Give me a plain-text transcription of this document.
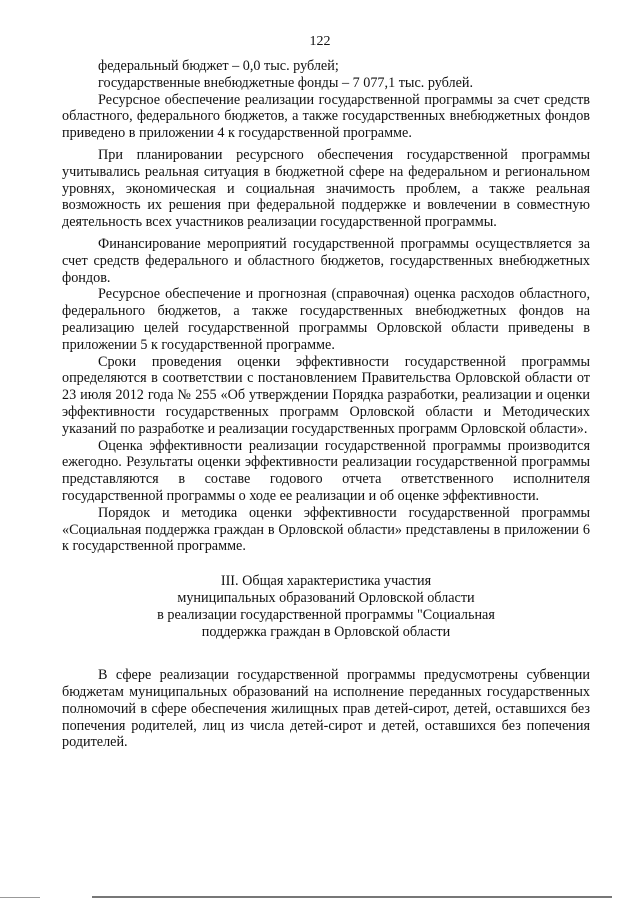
122

федеральный бюджет – 0,0 тыс. рублей;

государственные внебюджетные фонды – 7 077,1 тыс. рублей.

Ресурсное обеспечение реализации государственной программы за счет средств областного, федерального бюджетов, а также государственных внебюджетных фондов приведено в приложении 4 к государственной программе.

При планировании ресурсного обеспечения государственной программы учитывались реальная ситуация в бюджетной сфере на федеральном и региональном уровнях, экономическая и социальная значимость проблем, а также реальная возможность их решения при федеральной поддержке и вовлечении в совместную деятельность всех участников реализации государственной программы.

Финансирование мероприятий государственной программы осуществляется за счет средств федерального и областного бюджетов, государственных внебюджетных фондов.

Ресурсное обеспечение и прогнозная (справочная) оценка расходов областного, федерального бюджетов, а также государственных внебюджетных фондов на реализацию целей государственной программы Орловской области приведены в приложении 5 к государственной программе.

Сроки проведения оценки эффективности государственной программы определяются в соответствии с постановлением Правительства Орловской области от 23 июля 2012 года № 255 «Об утверждении Порядка разработки, реализации и оценки эффективности государственных программ Орловской области и Методических указаний по разработке и реализации государственных программ Орловской области».

Оценка эффективности реализации государственной программы производится ежегодно. Результаты оценки эффективности реализации государственной программы представляются в составе годового отчета ответственного исполнителя государственной программы о ходе ее реализации и об оценке эффективности.

Порядок и методика оценки эффективности государственной программы «Социальная поддержка граждан в Орловской области» представлены в приложении 6 к государственной программе.

III. Общая характеристика участия
муниципальных образований Орловской области
в реализации государственной программы "Социальная
поддержка граждан в Орловской области

В сфере реализации государственной программы предусмотрены субвенции бюджетам муниципальных образований на исполнение переданных государственных полномочий в сфере обеспечения жилищных прав детей-сирот, детей, оставшихся без попечения родителей, лиц из числа детей-сирот и детей, оставшихся без попечения родителей.
